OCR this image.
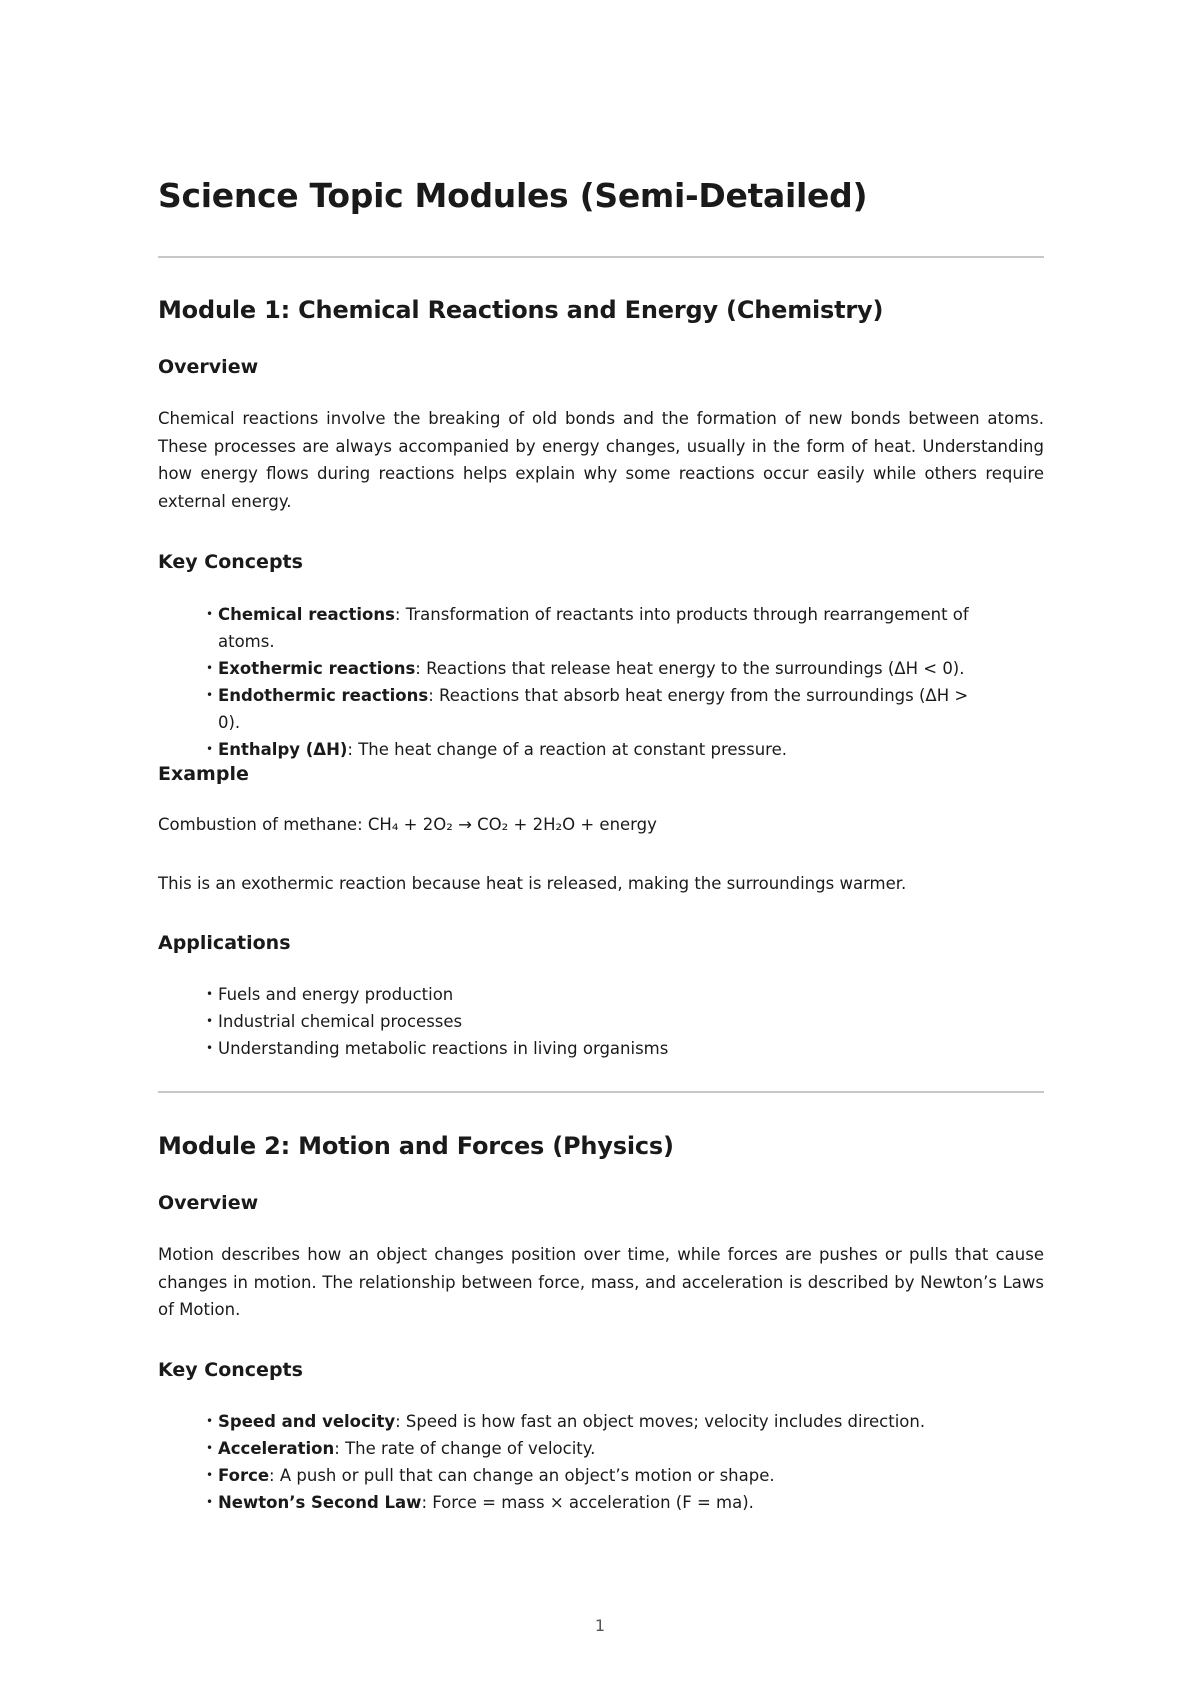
Science Topic Modules (Semi-Detailed)
Module 1: Chemical Reactions and Energy (Chemistry)
Overview

Chemical reactions involve the breaking of old bonds and the formation of new bonds between atoms. These processes are always accompanied by energy changes, usually in the form of heat. Understanding how energy flows during reactions helps explain why some reactions occur easily while others require external energy.

Key Concepts
• Chemical reactions: Transformation of reactants into products through rearrangement of atoms.
• Exothermic reactions: Reactions that release heat energy to the surroundings (ΔH < 0).
• Endothermic reactions: Reactions that absorb heat energy from the surroundings (ΔH > 0).
• Enthalpy (ΔH): The heat change of a reaction at constant pressure.
Example

Combustion of methane: CH₄ + 2O₂ → CO₂ + 2H₂O + energy

This is an exothermic reaction because heat is released, making the surroundings warmer.

Applications
• Fuels and energy production
• Industrial chemical processes
• Understanding metabolic reactions in living organisms
Module 2: Motion and Forces (Physics)
Overview

Motion describes how an object changes position over time, while forces are pushes or pulls that cause changes in motion. The relationship between force, mass, and acceleration is described by Newton’s Laws of Motion.

Key Concepts
• Speed and velocity: Speed is how fast an object moves; velocity includes direction.
• Acceleration: The rate of change of velocity.
• Force: A push or pull that can change an object’s motion or shape.
• Newton’s Second Law: Force = mass × acceleration (F = ma).
1
